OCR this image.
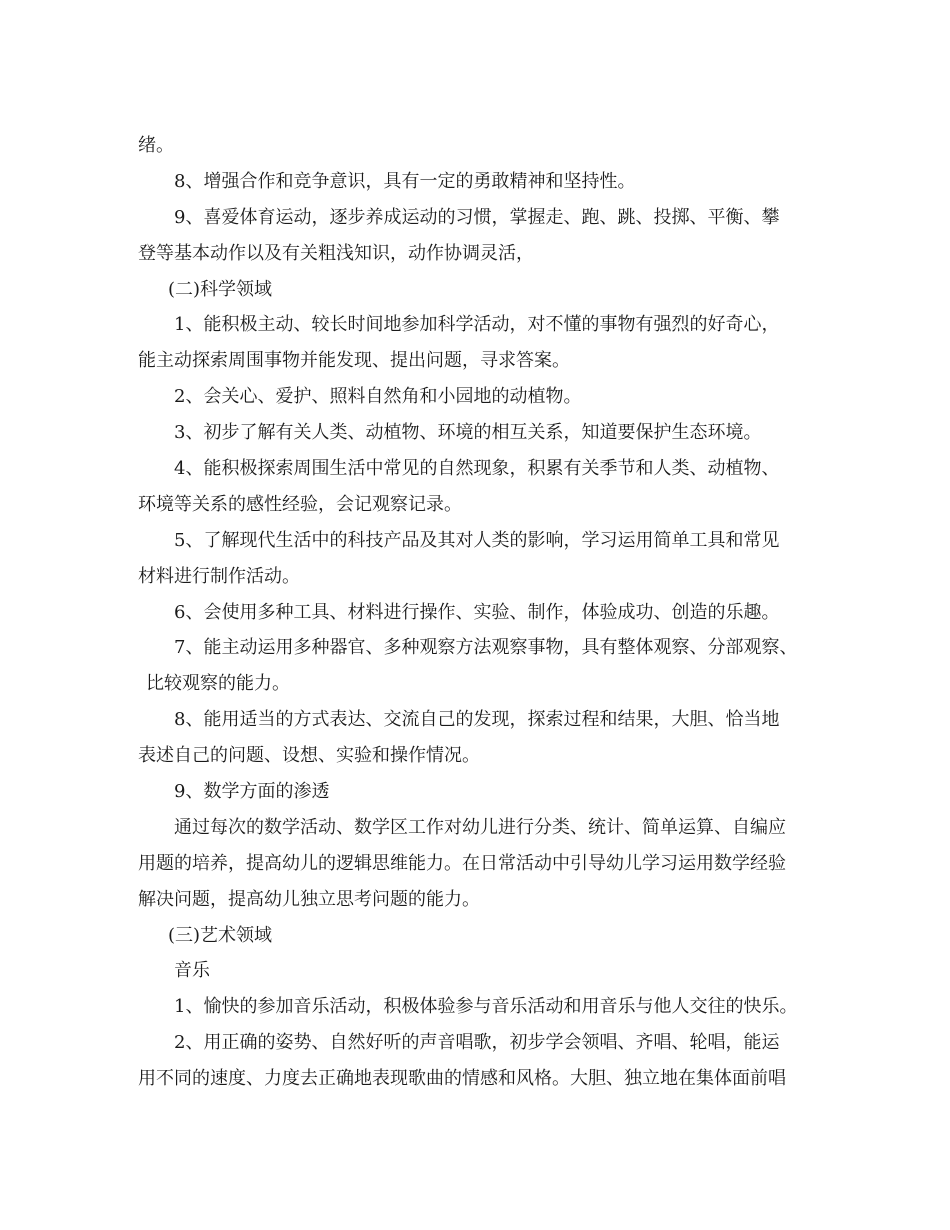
绪。
8、增强合作和竞争意识，具有一定的勇敢精神和坚持性。
9、喜爱体育运动，逐步养成运动的习惯，掌握走、跑、跳、投掷、平衡、攀
登等基本动作以及有关粗浅知识，动作协调灵活，
(二)科学领域
1、能积极主动、较长时间地参加科学活动，对不懂的事物有强烈的好奇心，
能主动探索周围事物并能发现、提出问题，寻求答案。
2、会关心、爱护、照料自然角和小园地的动植物。
3、初步了解有关人类、动植物、环境的相互关系，知道要保护生态环境。
4、能积极探索周围生活中常见的自然现象，积累有关季节和人类、动植物、
环境等关系的感性经验，会记观察记录。
5、了解现代生活中的科技产品及其对人类的影响，学习运用简单工具和常见
材料进行制作活动。
6、会使用多种工具、材料进行操作、实验、制作，体验成功、创造的乐趣。
7、能主动运用多种器官、多种观察方法观察事物，具有整体观察、分部观察、
比较观察的能力。
8、能用适当的方式表达、交流自己的发现，探索过程和结果，大胆、恰当地
表述自己的问题、设想、实验和操作情况。
9、数学方面的渗透
通过每次的数学活动、数学区工作对幼儿进行分类、统计、简单运算、自编应
用题的培养，提高幼儿的逻辑思维能力。在日常活动中引导幼儿学习运用数学经验
解决问题，提高幼儿独立思考问题的能力。
(三)艺术领域
音乐
1、愉快的参加音乐活动，积极体验参与音乐活动和用音乐与他人交往的快乐。
2、用正确的姿势、自然好听的声音唱歌，初步学会领唱、齐唱、轮唱，能运
用不同的速度、力度去正确地表现歌曲的情感和风格。大胆、独立地在集体面前唱
